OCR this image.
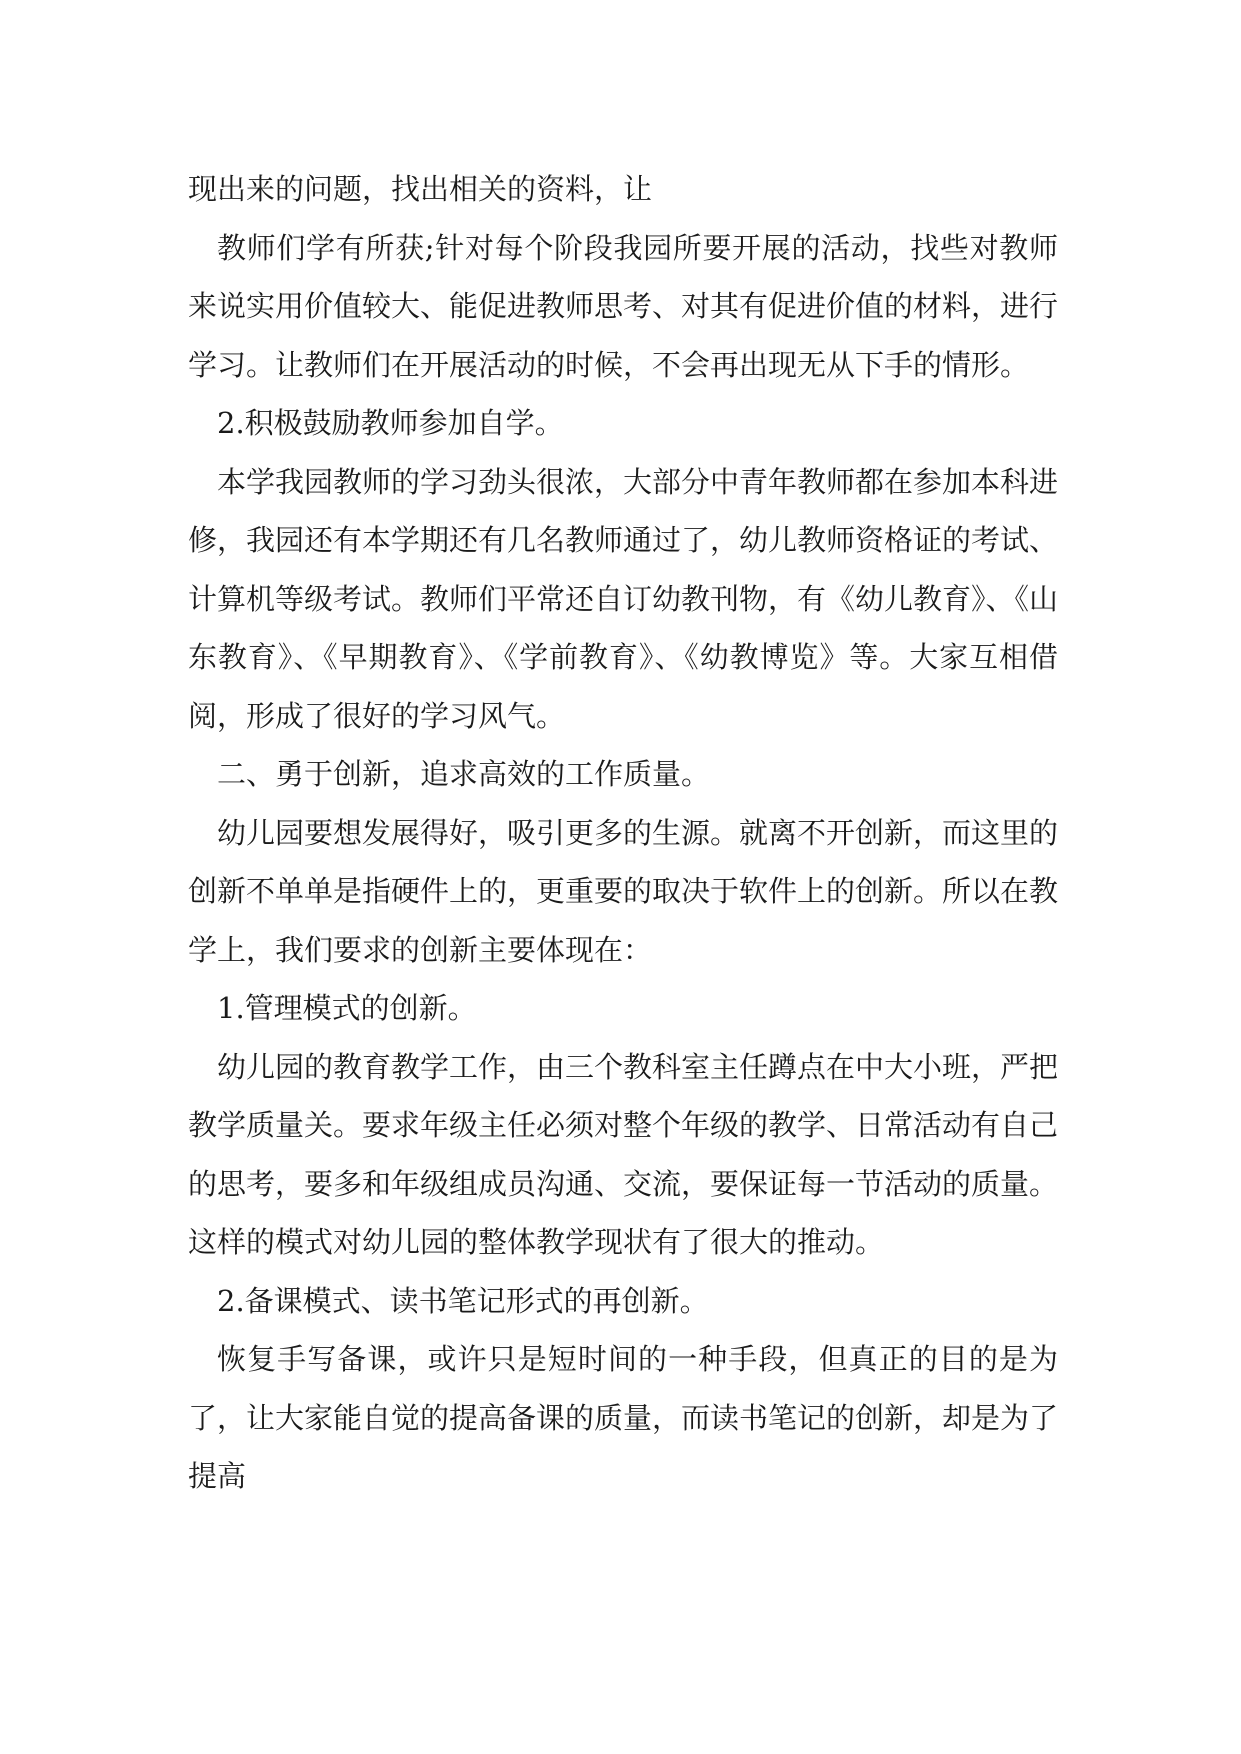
现出来的问题，找出相关的资料，让

教师们学有所获;针对每个阶段我园所要开展的活动，找些对教师来说实用价值较大、能促进教师思考、对其有促进价值的材料，进行学习。让教师们在开展活动的时候，不会再出现无从下手的情形。

2.积极鼓励教师参加自学。

本学我园教师的学习劲头很浓，大部分中青年教师都在参加本科进修，我园还有本学期还有几名教师通过了，幼儿教师资格证的考试、计算机等级考试。教师们平常还自订幼教刊物，有《幼儿教育》、《山东教育》、《早期教育》、《学前教育》、《幼教博览》等。大家互相借阅，形成了很好的学习风气。

二、勇于创新，追求高效的工作质量。

幼儿园要想发展得好，吸引更多的生源。就离不开创新，而这里的创新不单单是指硬件上的，更重要的取决于软件上的创新。所以在教学上，我们要求的创新主要体现在：

1.管理模式的创新。

幼儿园的教育教学工作，由三个教科室主任蹲点在中大小班，严把教学质量关。要求年级主任必须对整个年级的教学、日常活动有自己的思考，要多和年级组成员沟通、交流，要保证每一节活动的质量。这样的模式对幼儿园的整体教学现状有了很大的推动。

2.备课模式、读书笔记形式的再创新。

恢复手写备课，或许只是短时间的一种手段，但真正的目的是为了，让大家能自觉的提高备课的质量，而读书笔记的创新，却是为了提高
